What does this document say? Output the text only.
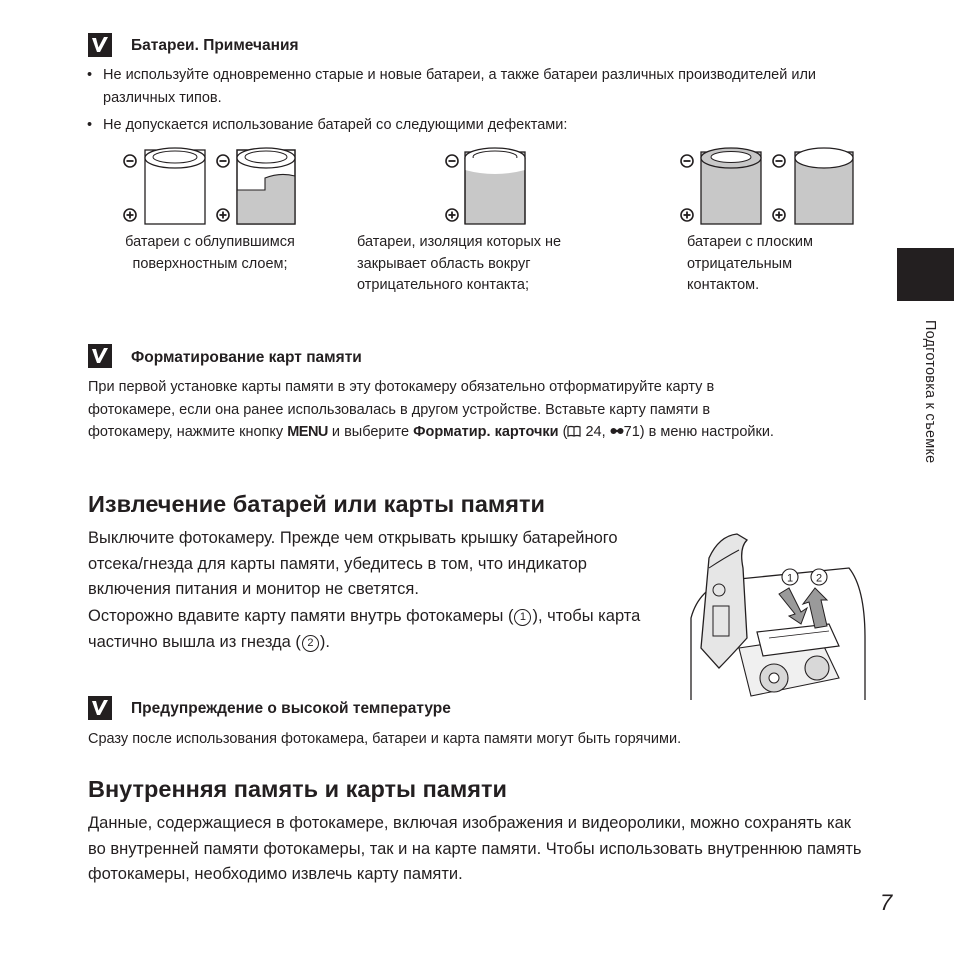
Батареи. Примечания
• Не используйте одновременно старые и новые батареи, а также батареи различных производителей или различных типов.
• Не допускается использование батарей со следующими дефектами:
батареи с облупившимся поверхностным слоем;
батареи, изоляция которых не закрывает область вокруг отрицательного контакта;
батареи с плоским отрицательным контактом.
Форматирование карт памяти
При первой установке карты памяти в эту фотокамеру обязательно отформатируйте карту в фотокамере, если она ранее использовалась в другом устройстве. Вставьте карту памяти в фотокамеру, нажмите кнопку MENU и выберите Форматир. карточки ( 24, 71) в меню настройки.
Извлечение батарей или карты памяти
Выключите фотокамеру. Прежде чем открывать крышку батарейного отсека/гнезда для карты памяти, убедитесь в том, что индикатор включения питания и монитор не светятся.
Осторожно вдавите карту памяти внутрь фотокамеры ( 1 ), чтобы карта частично вышла из гнезда ( 2 ).
1 2
Предупреждение о высокой температуре
Сразу после использования фотокамера, батареи и карта памяти могут быть горячими.
Внутренняя память и карты памяти
Данные, содержащиеся в фотокамере, включая изображения и видеоролики, можно сохранять как во внутренней памяти фотокамеры, так и на карте памяти. Чтобы использовать внутреннюю память фотокамеры, необходимо извлечь карту памяти.
Подготовка к съемке
7
